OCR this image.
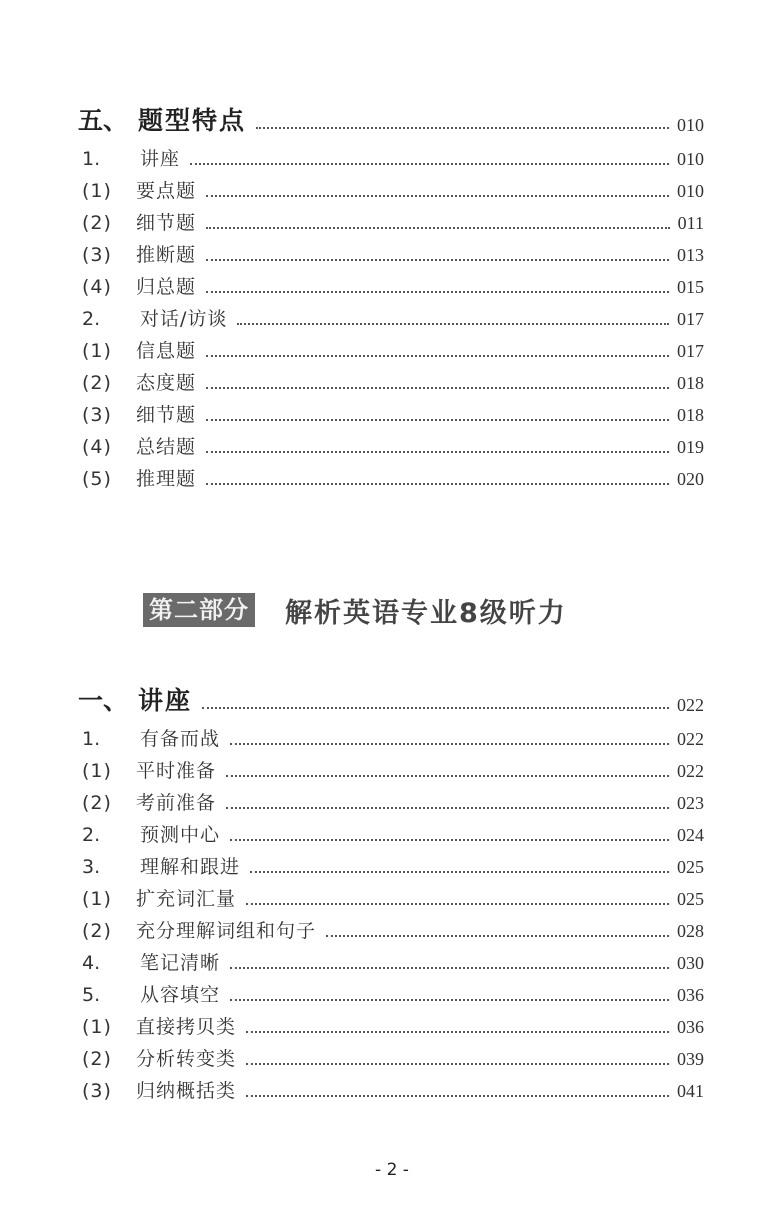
五、 题型特点	010
1.	讲座	010
(1)	要点题	010
(2)	细节题	011
(3)	推断题	013
(4)	归总题	015
2.	对话/访谈	017
(1)	信息题	017
(2)	态度题	018
(3)	细节题	018
(4)	总结题	019
(5)	推理题	020
第二部分 解析英语专业8级听力
一、 讲座	022
1.	有备而战	022
(1)	平时准备	022
(2)	考前准备	023
2.	预测中心	024
3.	理解和跟进	025
(1)	扩充词汇量	025
(2)	充分理解词组和句子	028
4.	笔记清晰	030
5.	从容填空	036
(1)	直接拷贝类	036
(2)	分析转变类	039
(3)	归纳概括类	041
- 2 -
